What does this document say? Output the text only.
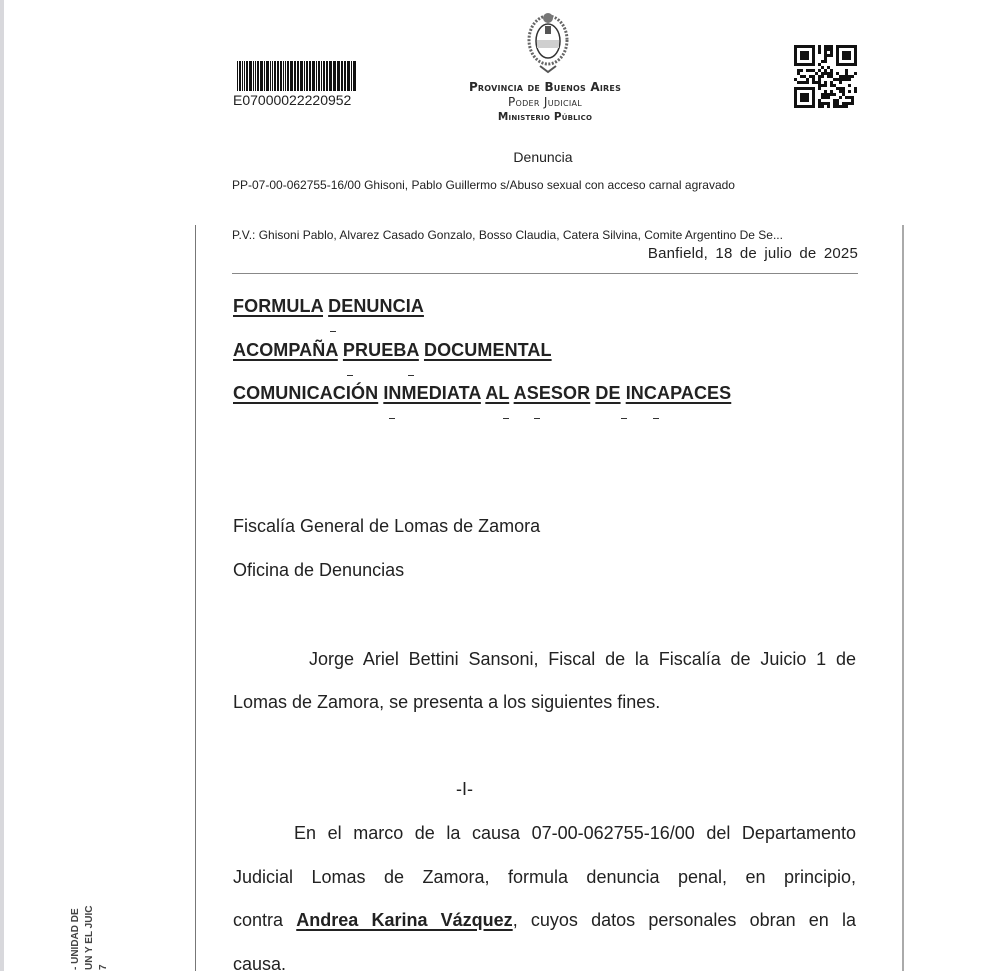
E07000022220952
Provincia de Buenos Aires
Poder Judicial
Ministerio Público
Denuncia
PP-07-00-062755-16/00 Ghisoni, Pablo Guillermo s/Abuso sexual con acceso carnal agravado
P.V.: Ghisoni Pablo, Alvarez Casado Gonzalo, Bosso Claudia, Catera Silvina, Comite Argentino De Se...
Banfield, 18 de julio de 2025
FORMULA DENUNCIA
ACOMPAÑA PRUEBA DOCUMENTAL
COMUNICACIÓN INMEDIATA AL ASESOR DE INCAPACES
Fiscalía General de Lomas de Zamora
Oficina de Denuncias
Jorge Ariel Bettini Sansoni, Fiscal de la Fiscalía de Juicio 1 de
Lomas de Zamora, se presenta a los siguientes fines.
-I-
En el marco de la causa 07-00-062755-16/00 del Departamento
Judicial Lomas de Zamora, formula denuncia penal, en principio,
contra Andrea Karina Vázquez, cuyos datos personales obran en la
causa.
- UNIDAD DE UN Y EL JUIC 7
